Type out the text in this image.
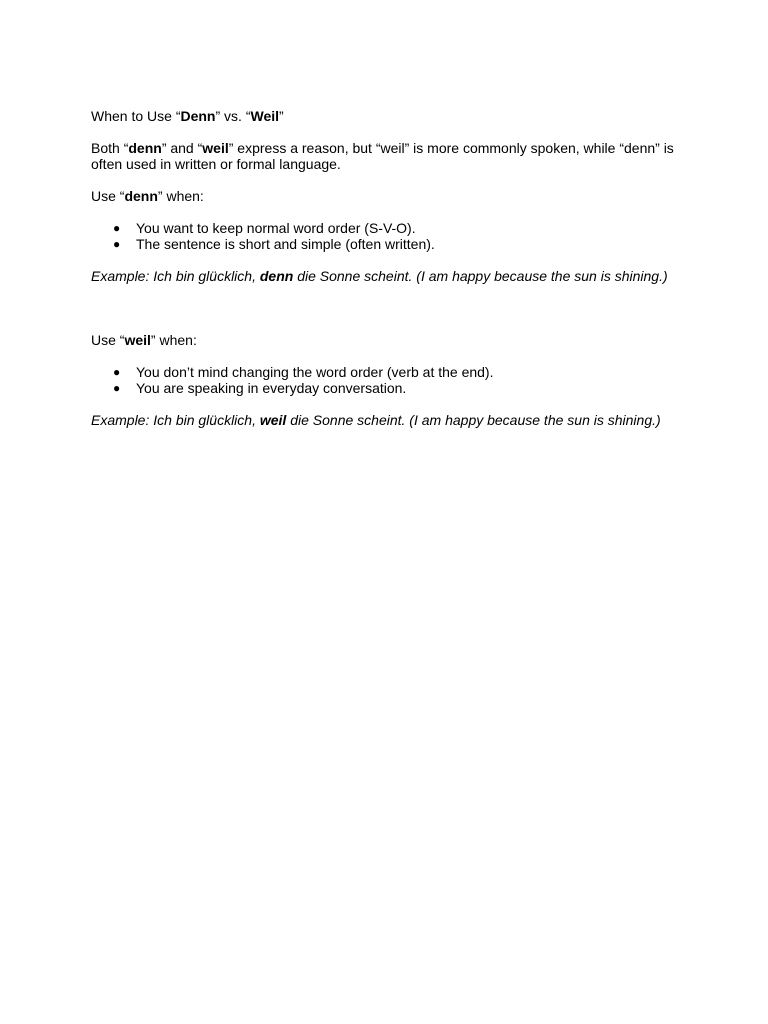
When to Use “Denn” vs. “Weil”

Both “denn” and “weil” express a reason, but “weil” is more commonly spoken, while “denn” is often used in written or formal language.

Use “denn” when:

● You want to keep normal word order (S-V-O).
● The sentence is short and simple (often written).

Example: Ich bin glücklich, denn die Sonne scheint. (I am happy because the sun is shining.)

Use “weil” when:

● You don’t mind changing the word order (verb at the end).
● You are speaking in everyday conversation.

Example: Ich bin glücklich, weil die Sonne scheint. (I am happy because the sun is shining.)
